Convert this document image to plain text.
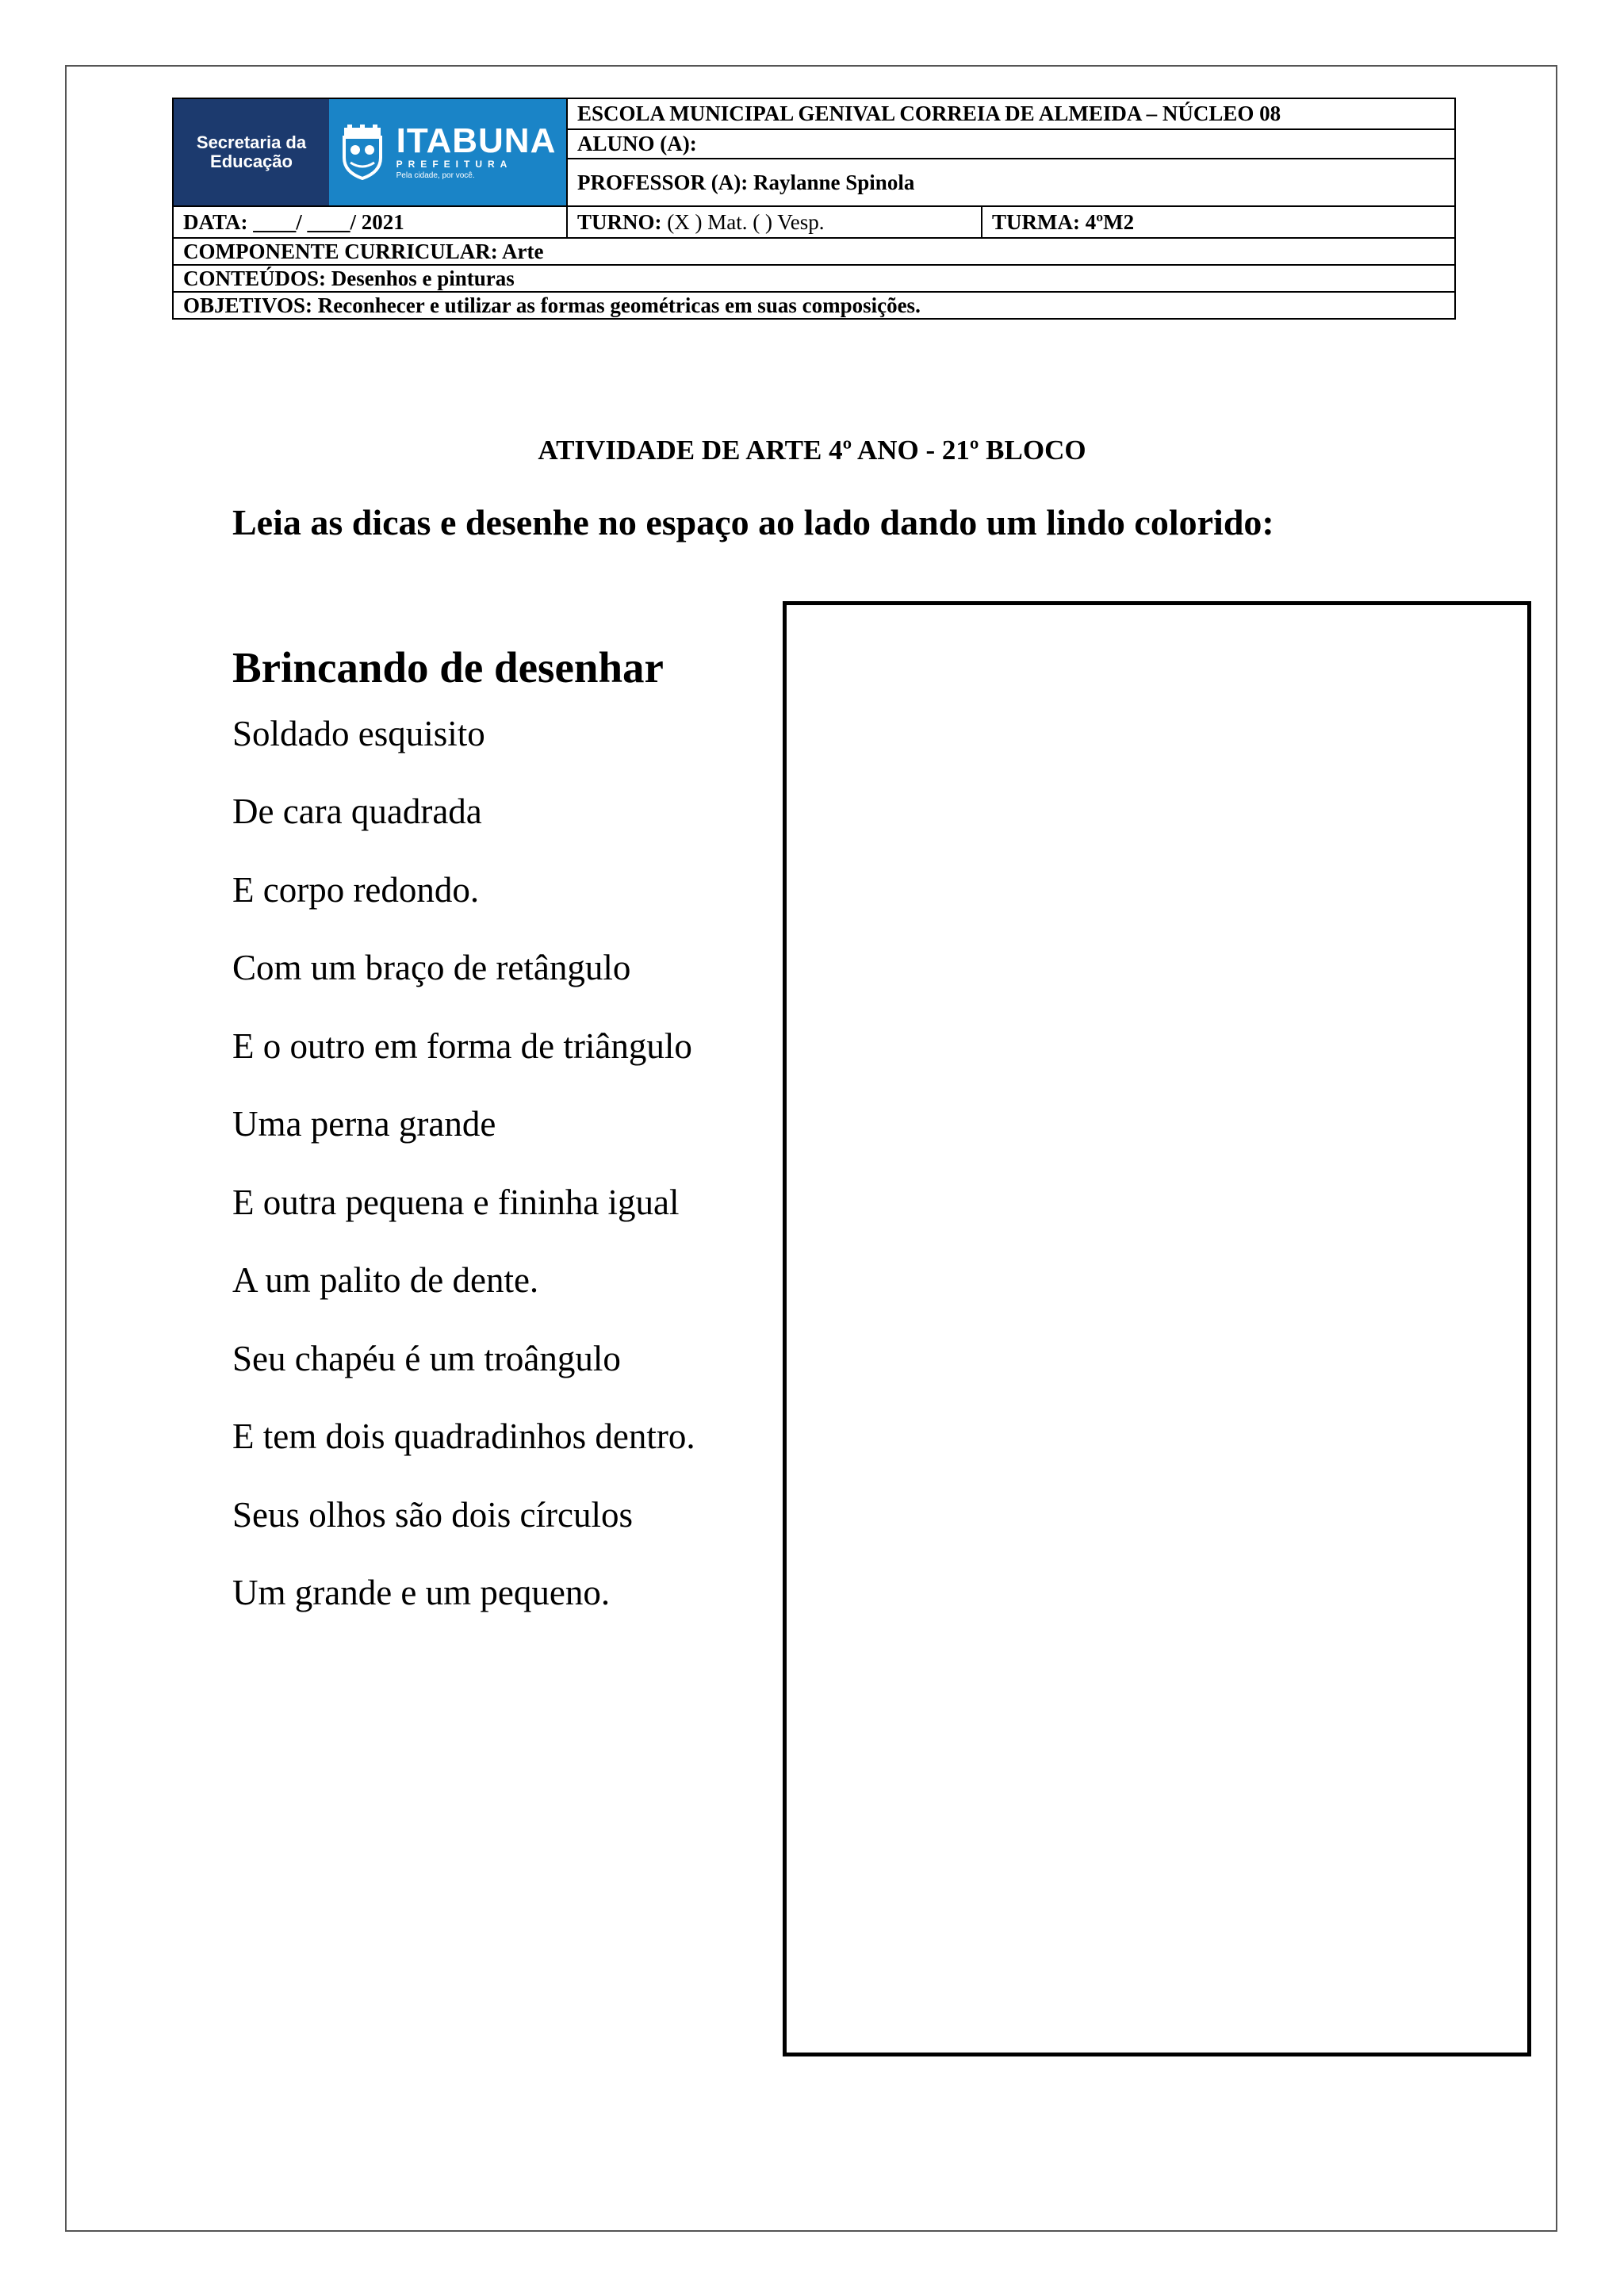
Secretaria da
Educação
ITABUNA
PREFEITURA
Pela cidade, por você.	ESCOLA MUNICIPAL GENIVAL CORREIA DE ALMEIDA – NÚCLEO 08	
	ALUNO (A):	
	PROFESSOR (A): Raylanne Spinola	
DATA: ____/ ____/ 2021	TURNO: (X ) Mat. ( ) Vesp.	TURMA: 4ºM2
COMPONENTE CURRICULAR: Arte		
CONTEÚDOS: Desenhos e pinturas		
OBJETIVOS: Reconhecer e utilizar as formas geométricas em suas composições.		
ATIVIDADE DE ARTE 4º ANO - 21º BLOCO
Leia as dicas e desenhe no espaço ao lado dando um lindo colorido:
Brincando de desenhar
Soldado esquisito
De cara quadrada
E corpo redondo.
Com um braço de retângulo
E o outro em forma de triângulo
Uma perna grande
E outra pequena e fininha igual
A um palito de dente.
Seu chapéu é um troângulo
E tem dois quadradinhos dentro.
Seus olhos são dois círculos
Um grande e um pequeno.
